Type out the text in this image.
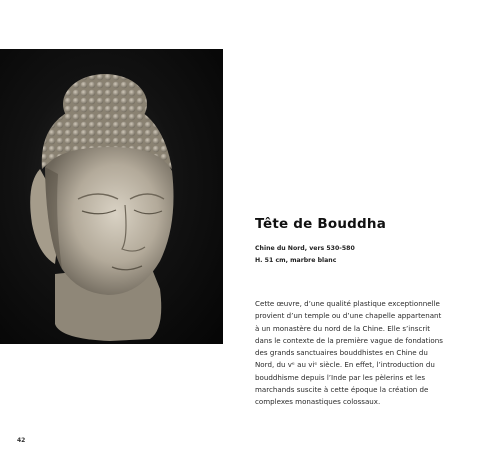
Tête de Bouddha
Chine du Nord, vers 530-580
H. 51 cm, marbre blanc
Cette œuvre, d’une qualité plastique exceptionnelle
provient d’un temple ou d’une chapelle appartenant
à un monastère du nord de la Chine. Elle s’inscrit
dans le contexte de la première vague de fondations
des grands sanctuaires bouddhistes en Chine du
Nord, du vᵉ au viᵉ siècle. En effet, l’introduction du
bouddhisme depuis l’Inde par les pèlerins et les
marchands suscite à cette époque la création de
complexes monastiques colossaux.
42
